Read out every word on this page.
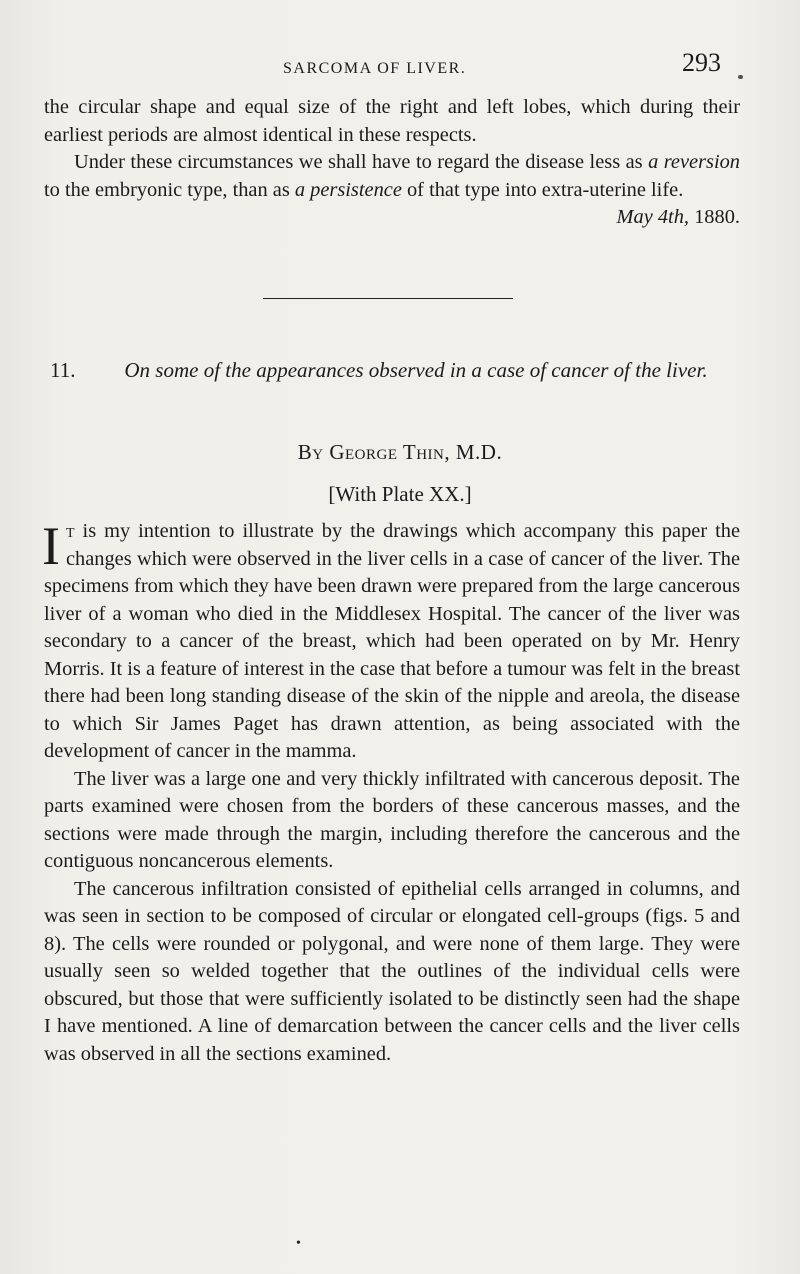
SARCOMA OF LIVER.	293

the circular shape and equal size of the right and left lobes, which during their earliest periods are almost identical in these respects.

Under these circumstances we shall have to regard the disease less as a reversion to the embryonic type, than as a persistence of that type into extra-uterine life.
May 4th, 1880.

11.	On some of the appearances observed in a case of cancer of the liver.

By George Thin, M.D.
[With Plate XX.]

It is my intention to illustrate by the drawings which accompany this paper the changes which were observed in the liver cells in a case of cancer of the liver. The specimens from which they have been drawn were prepared from the large cancerous liver of a woman who died in the Middlesex Hospital. The cancer of the liver was secondary to a cancer of the breast, which had been operated on by Mr. Henry Morris. It is a feature of interest in the case that before a tumour was felt in the breast there had been long standing disease of the skin of the nipple and areola, the disease to which Sir James Paget has drawn attention, as being associated with the development of cancer in the mamma.

The liver was a large one and very thickly infiltrated with cancerous deposit. The parts examined were chosen from the borders of these cancerous masses, and the sections were made through the margin, including therefore the cancerous and the contiguous noncancerous elements.

The cancerous infiltration consisted of epithelial cells arranged in columns, and was seen in section to be composed of circular or elongated cell-groups (figs. 5 and 8). The cells were rounded or polygonal, and were none of them large. They were usually seen so welded together that the outlines of the individual cells were obscured, but those that were sufficiently isolated to be distinctly seen had the shape I have mentioned. A line of demarcation between the cancer cells and the liver cells was observed in all the sections examined.

•
